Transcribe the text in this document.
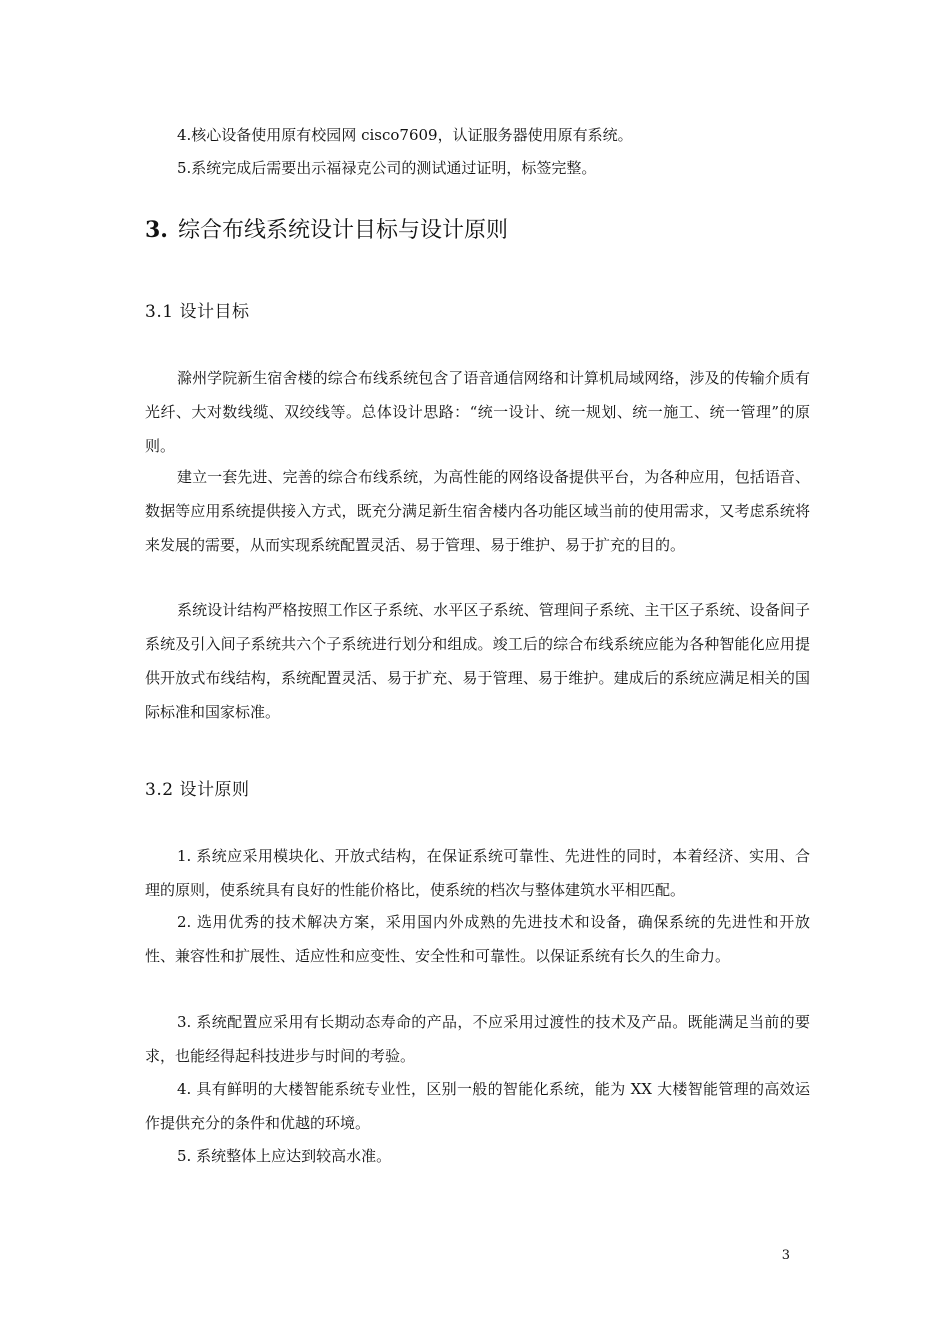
4.核心设备使用原有校园网 cisco7609，认证服务器使用原有系统。
5.系统完成后需要出示福禄克公司的测试通过证明，标签完整。
3. 综合布线系统设计目标与设计原则
3.1 设计目标
滁州学院新生宿舍楼的综合布线系统包含了语音通信网络和计算机局域网络，涉及的传输介质有光纤、大对数线缆、双绞线等。总体设计思路：“统一设计、统一规划、统一施工、统一管理”的原则。
建立一套先进、完善的综合布线系统，为高性能的网络设备提供平台，为各种应用，包括语音、数据等应用系统提供接入方式，既充分满足新生宿舍楼内各功能区域当前的使用需求，又考虑系统将来发展的需要，从而实现系统配置灵活、易于管理、易于维护、易于扩充的目的。
系统设计结构严格按照工作区子系统、水平区子系统、管理间子系统、主干区子系统、设备间子系统及引入间子系统共六个子系统进行划分和组成。竣工后的综合布线系统应能为各种智能化应用提供开放式布线结构，系统配置灵活、易于扩充、易于管理、易于维护。建成后的系统应满足相关的国际标准和国家标准。
3.2 设计原则
1. 系统应采用模块化、开放式结构，在保证系统可靠性、先进性的同时，本着经济、实用、合理的原则，使系统具有良好的性能价格比，使系统的档次与整体建筑水平相匹配。
2. 选用优秀的技术解决方案，采用国内外成熟的先进技术和设备，确保系统的先进性和开放性、兼容性和扩展性、适应性和应变性、安全性和可靠性。以保证系统有长久的生命力。
3. 系统配置应采用有长期动态寿命的产品，不应采用过渡性的技术及产品。既能满足当前的要求，也能经得起科技进步与时间的考验。
4. 具有鲜明的大楼智能系统专业性，区别一般的智能化系统，能为 XX 大楼智能管理的高效运作提供充分的条件和优越的环境。
5. 系统整体上应达到较高水准。
3
